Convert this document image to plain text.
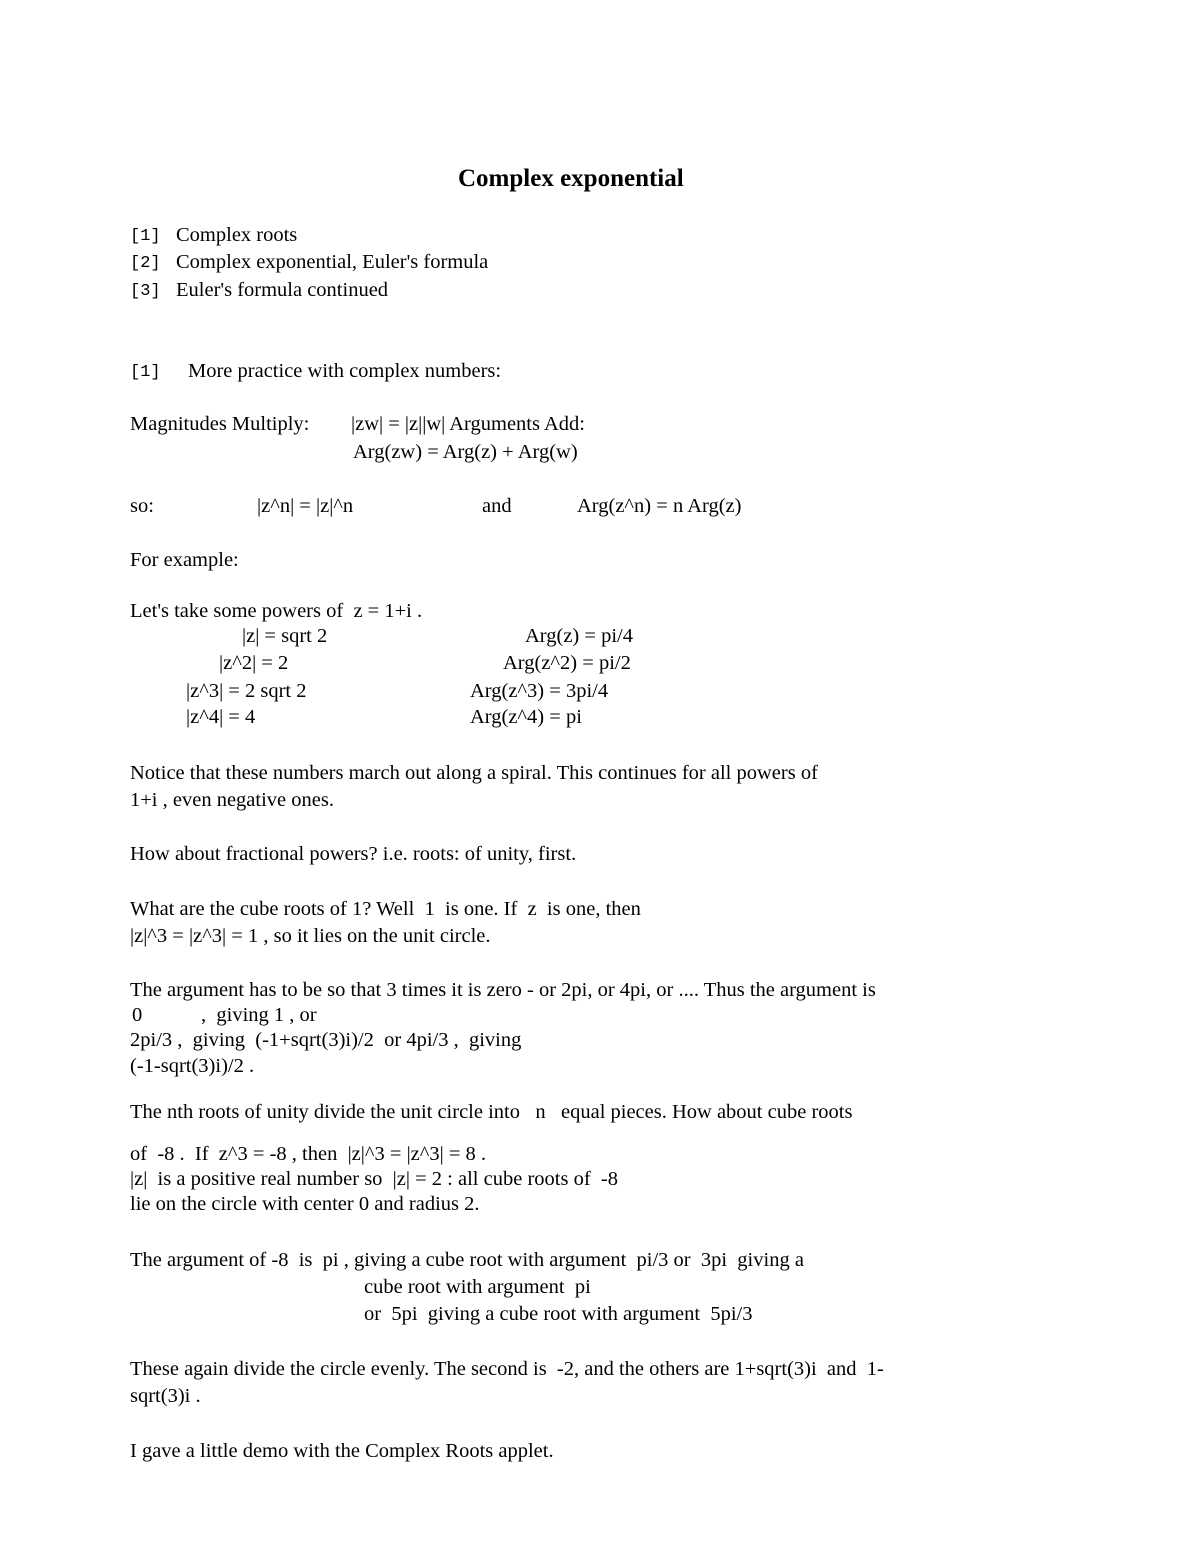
Complex exponential
[1] Complex roots
[2] Complex exponential, Euler's formula
[3] Euler's formula continued
[1] More practice with complex numbers:
Magnitudes Multiply: |zw| = |z||w| Arguments Add:
Arg(zw) = Arg(z) + Arg(w)
so:	|z^n| = |z|^n	and	Arg(z^n) = n Arg(z)
For example:
Let's take some powers of  z = 1+i .
|z| = sqrt 2	Arg(z) = pi/4
|z^2| = 2	Arg(z^2) = pi/2
|z^3| = 2 sqrt 2	Arg(z^3) = 3pi/4
|z^4| = 4	Arg(z^4) = pi
Notice that these numbers march out along a spiral. This continues for all powers of
1+i , even negative ones.
How about fractional powers? i.e. roots: of unity, first.
What are the cube roots of 1? Well  1  is one. If  z  is one, then
|z|^3 = |z^3| = 1 , so it lies on the unit circle.
The argument has to be so that 3 times it is zero - or 2pi, or 4pi, or .... Thus the argument is
0	,  giving 1 , or
2pi/3 ,  giving  (-1+sqrt(3)i)/2  or 4pi/3 ,  giving
(-1-sqrt(3)i)/2 .
The nth roots of unity divide the unit circle into   n   equal pieces. How about cube roots
of  -8 .  If  z^3 = -8 , then  |z|^3 = |z^3| = 8 .
|z|  is a positive real number so  |z| = 2 : all cube roots of  -8
lie on the circle with center 0 and radius 2.
The argument of -8  is  pi , giving a cube root with argument  pi/3 or  3pi  giving a
cube root with argument  pi
or  5pi  giving a cube root with argument  5pi/3
These again divide the circle evenly. The second is  -2, and the others are 1+sqrt(3)i  and  1-
sqrt(3)i .
I gave a little demo with the Complex Roots applet.
